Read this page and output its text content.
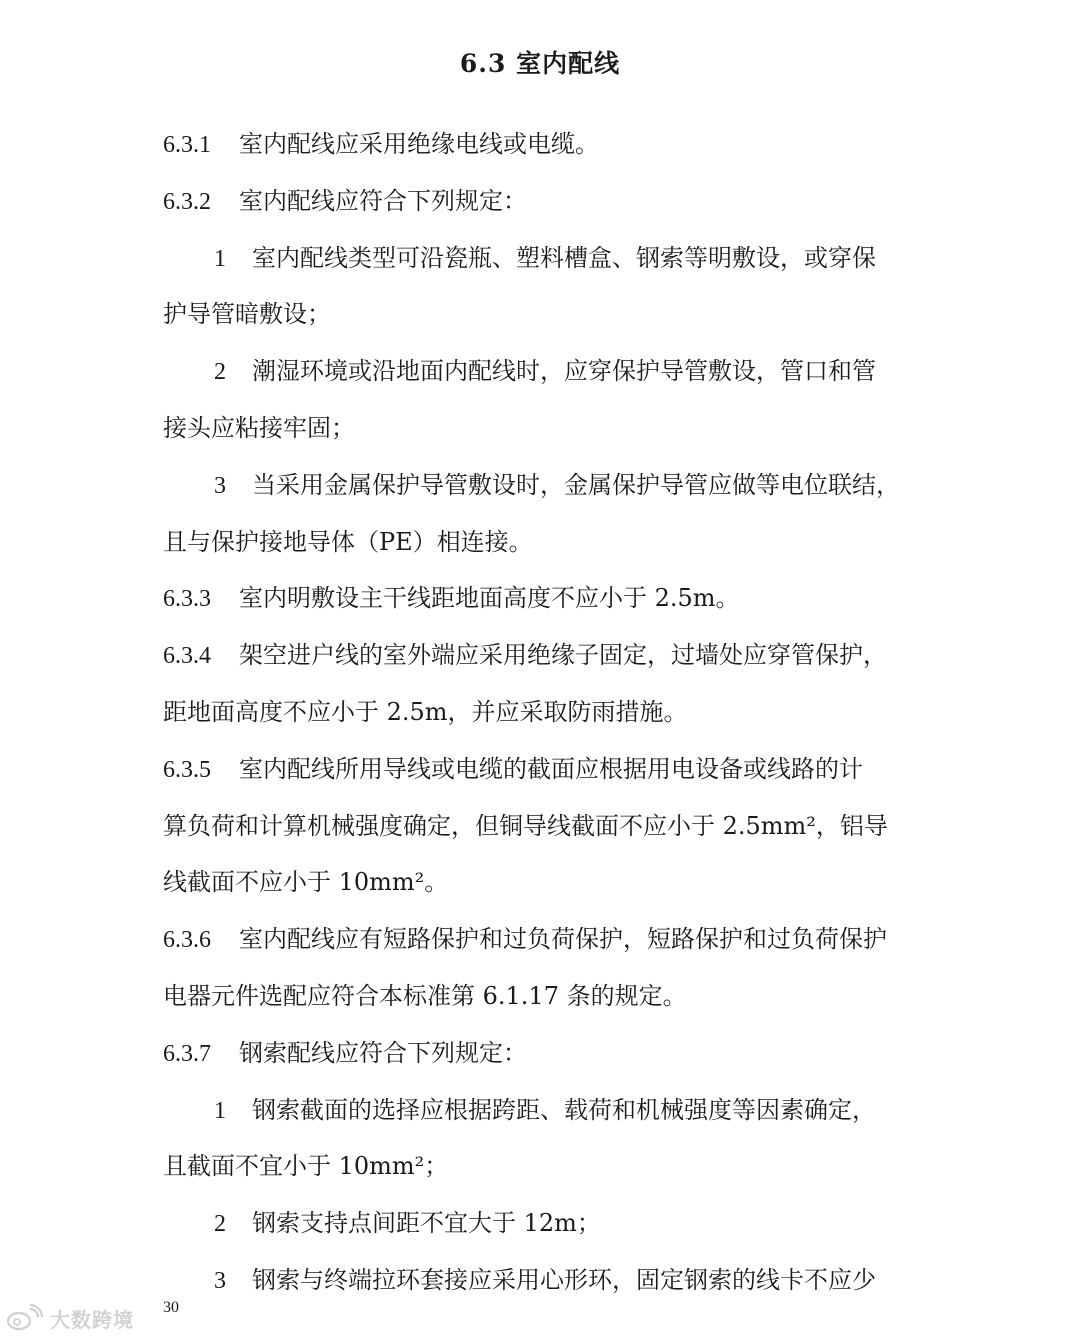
6.3 室内配线
6.3.1 室内配线应采用绝缘电线或电缆。
6.3.2 室内配线应符合下列规定：
1 室内配线类型可沿瓷瓶、塑料槽盒、钢索等明敷设，或穿保
护导管暗敷设；
2 潮湿环境或沿地面内配线时，应穿保护导管敷设，管口和管
接头应粘接牢固；
3 当采用金属保护导管敷设时，金属保护导管应做等电位联结，
且与保护接地导体（PE）相连接。
6.3.3 室内明敷设主干线距地面高度不应小于 2.5m。
6.3.4 架空进户线的室外端应采用绝缘子固定，过墙处应穿管保护，
距地面高度不应小于 2.5m，并应采取防雨措施。
6.3.5 室内配线所用导线或电缆的截面应根据用电设备或线路的计
算负荷和计算机械强度确定，但铜导线截面不应小于 2.5mm²，铝导
线截面不应小于 10mm²。
6.3.6 室内配线应有短路保护和过负荷保护，短路保护和过负荷保护
电器元件选配应符合本标准第 6.1.17 条的规定。
6.3.7 钢索配线应符合下列规定：
1 钢索截面的选择应根据跨距、载荷和机械强度等因素确定，
且截面不宜小于 10mm²；
2 钢索支持点间距不宜大于 12m；
3 钢索与终端拉环套接应采用心形环，固定钢索的线卡不应少
30
大数跨境
